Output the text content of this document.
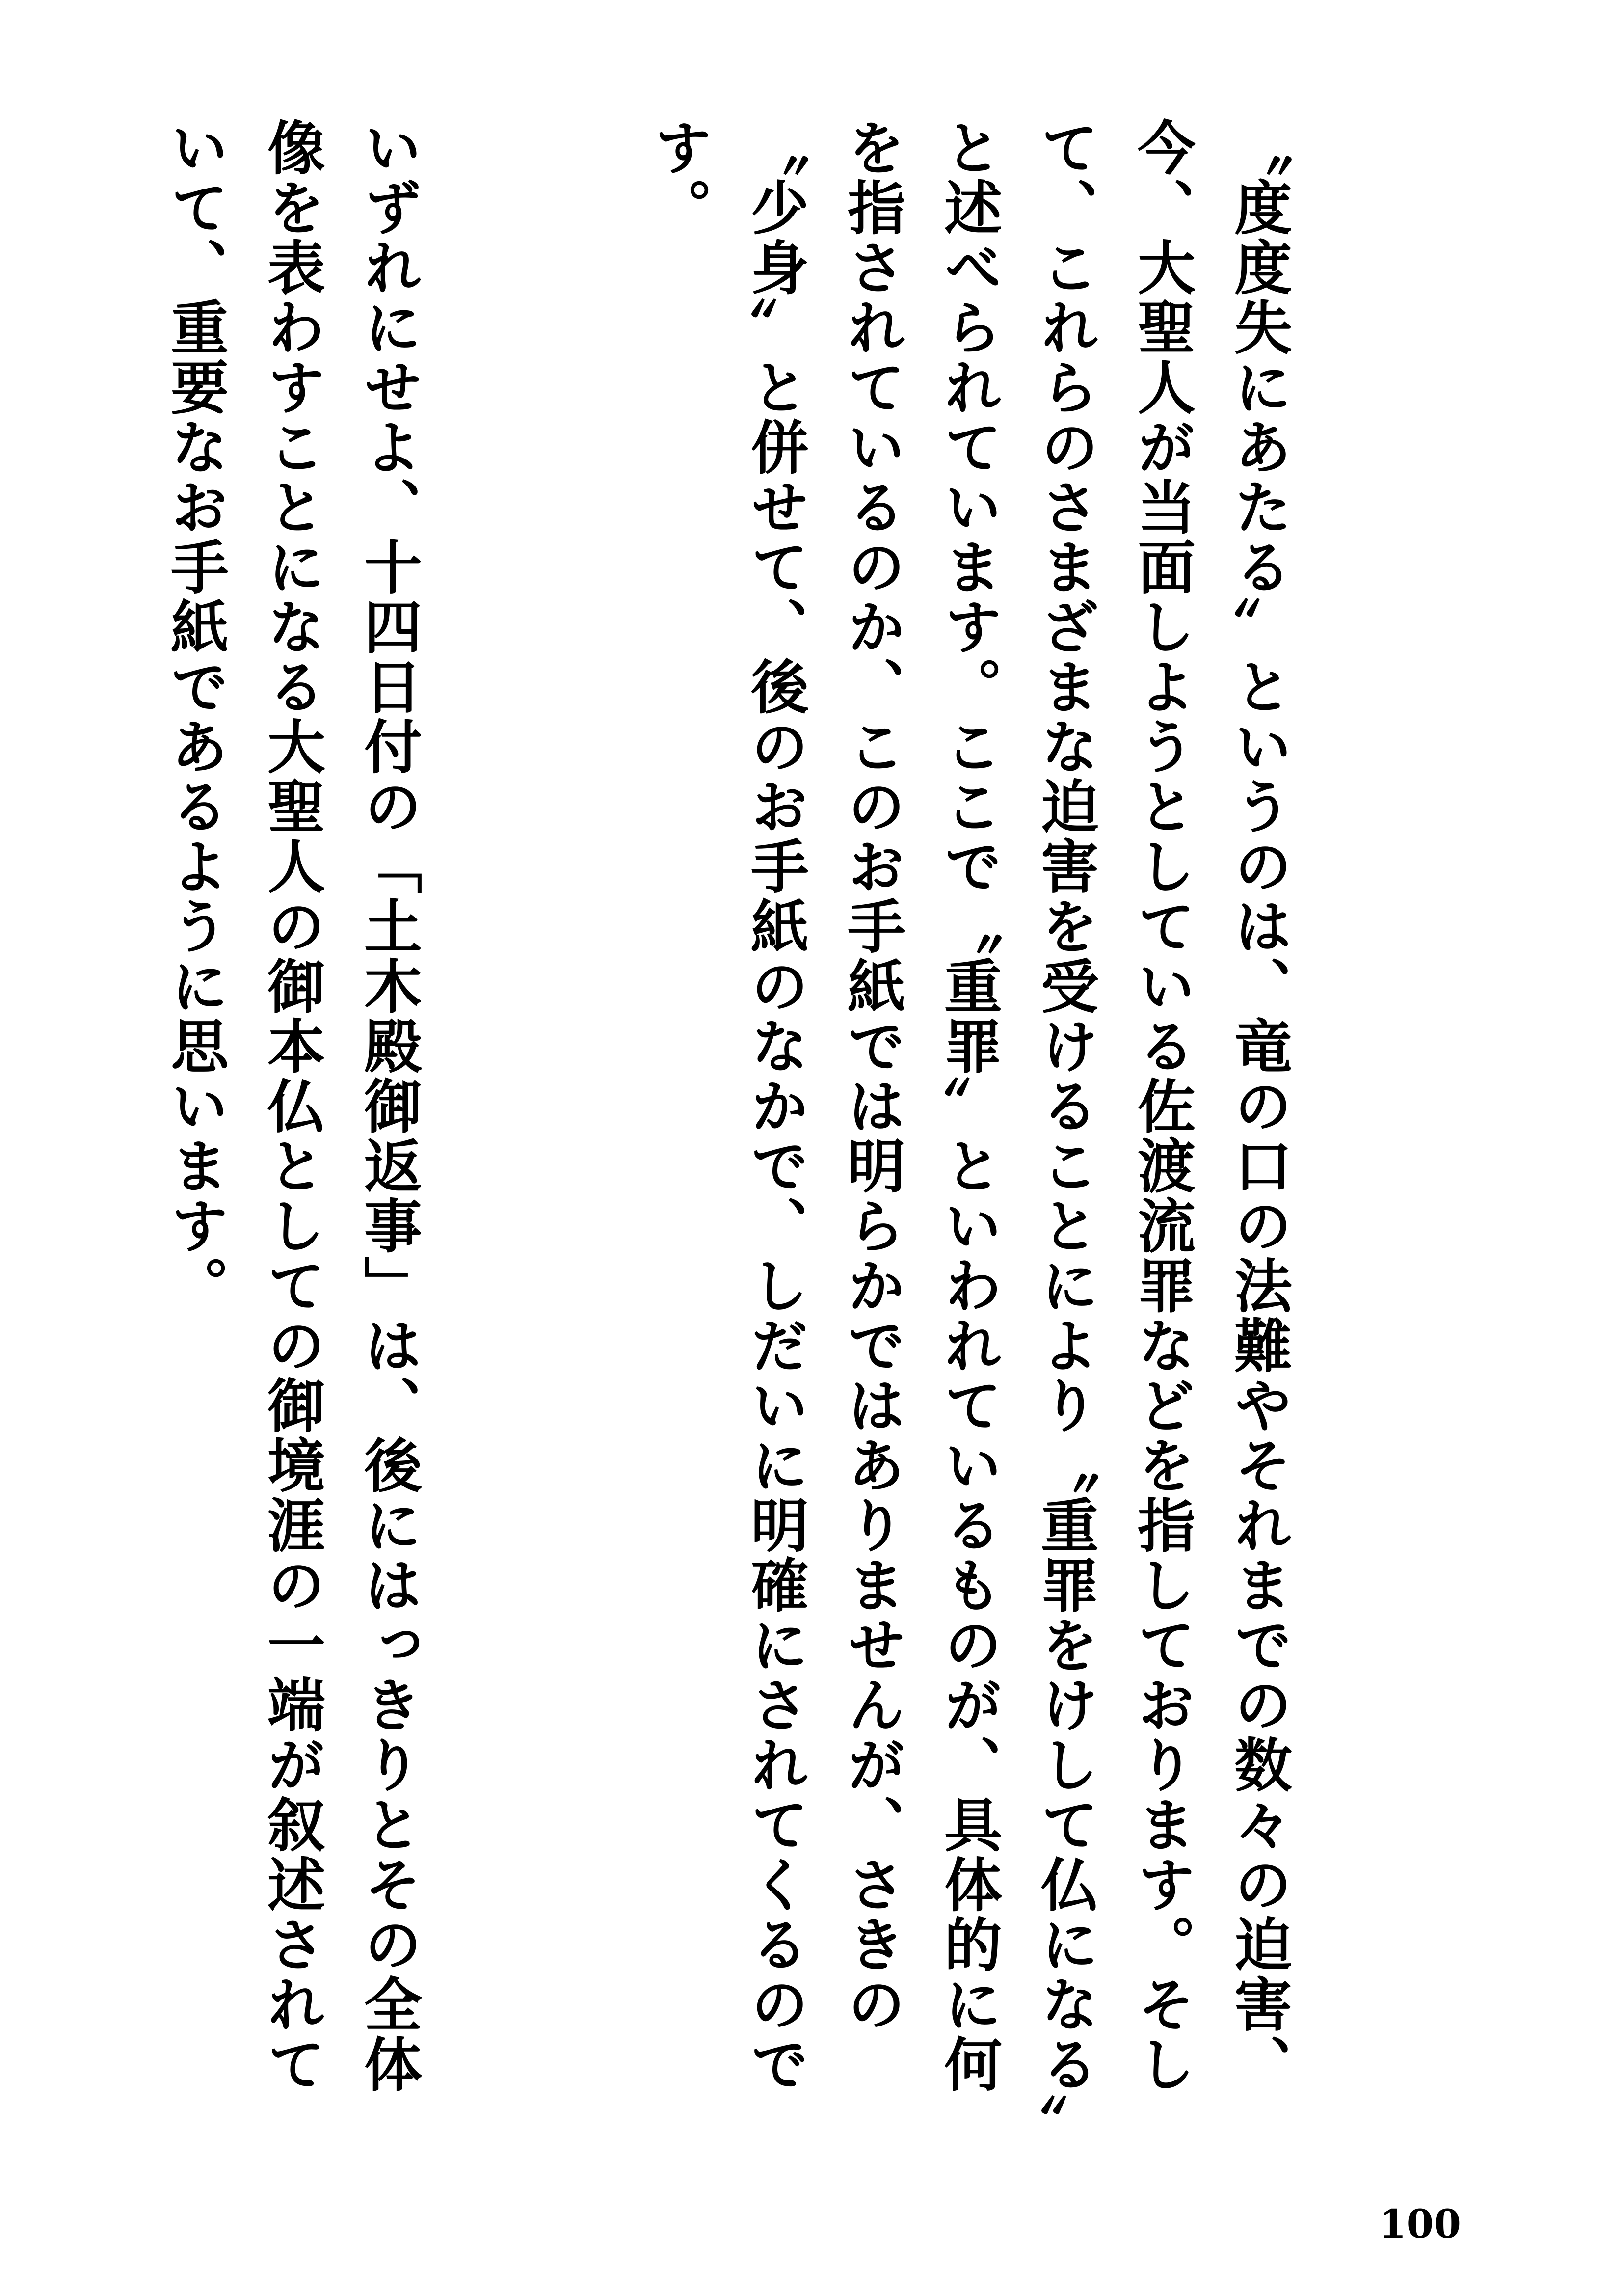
〝度度失にあたる〟というのは、竜の口の法難やそれまでの数々の迫害、今、大聖人が当面しようとしている佐渡流罪などを指しております。そして、これらのさまざまな迫害を受けることにより〝重罪をけして仏になる〟と述べられています。ここで〝重罪〟といわれているものが、具体的に何を指されているのか、このお手紙では明らかではありませんが、さきの〝少身〟と併せて、後のお手紙のなかで、しだいに明確にされてくるのです。

いずれにせよ、十四日付の「土木殿御返事」は、後にはっきりとその全体像を表わすことになる大聖人の御本仏としての御境涯の一端が叙述されていて、重要なお手紙であるように思います。

100
